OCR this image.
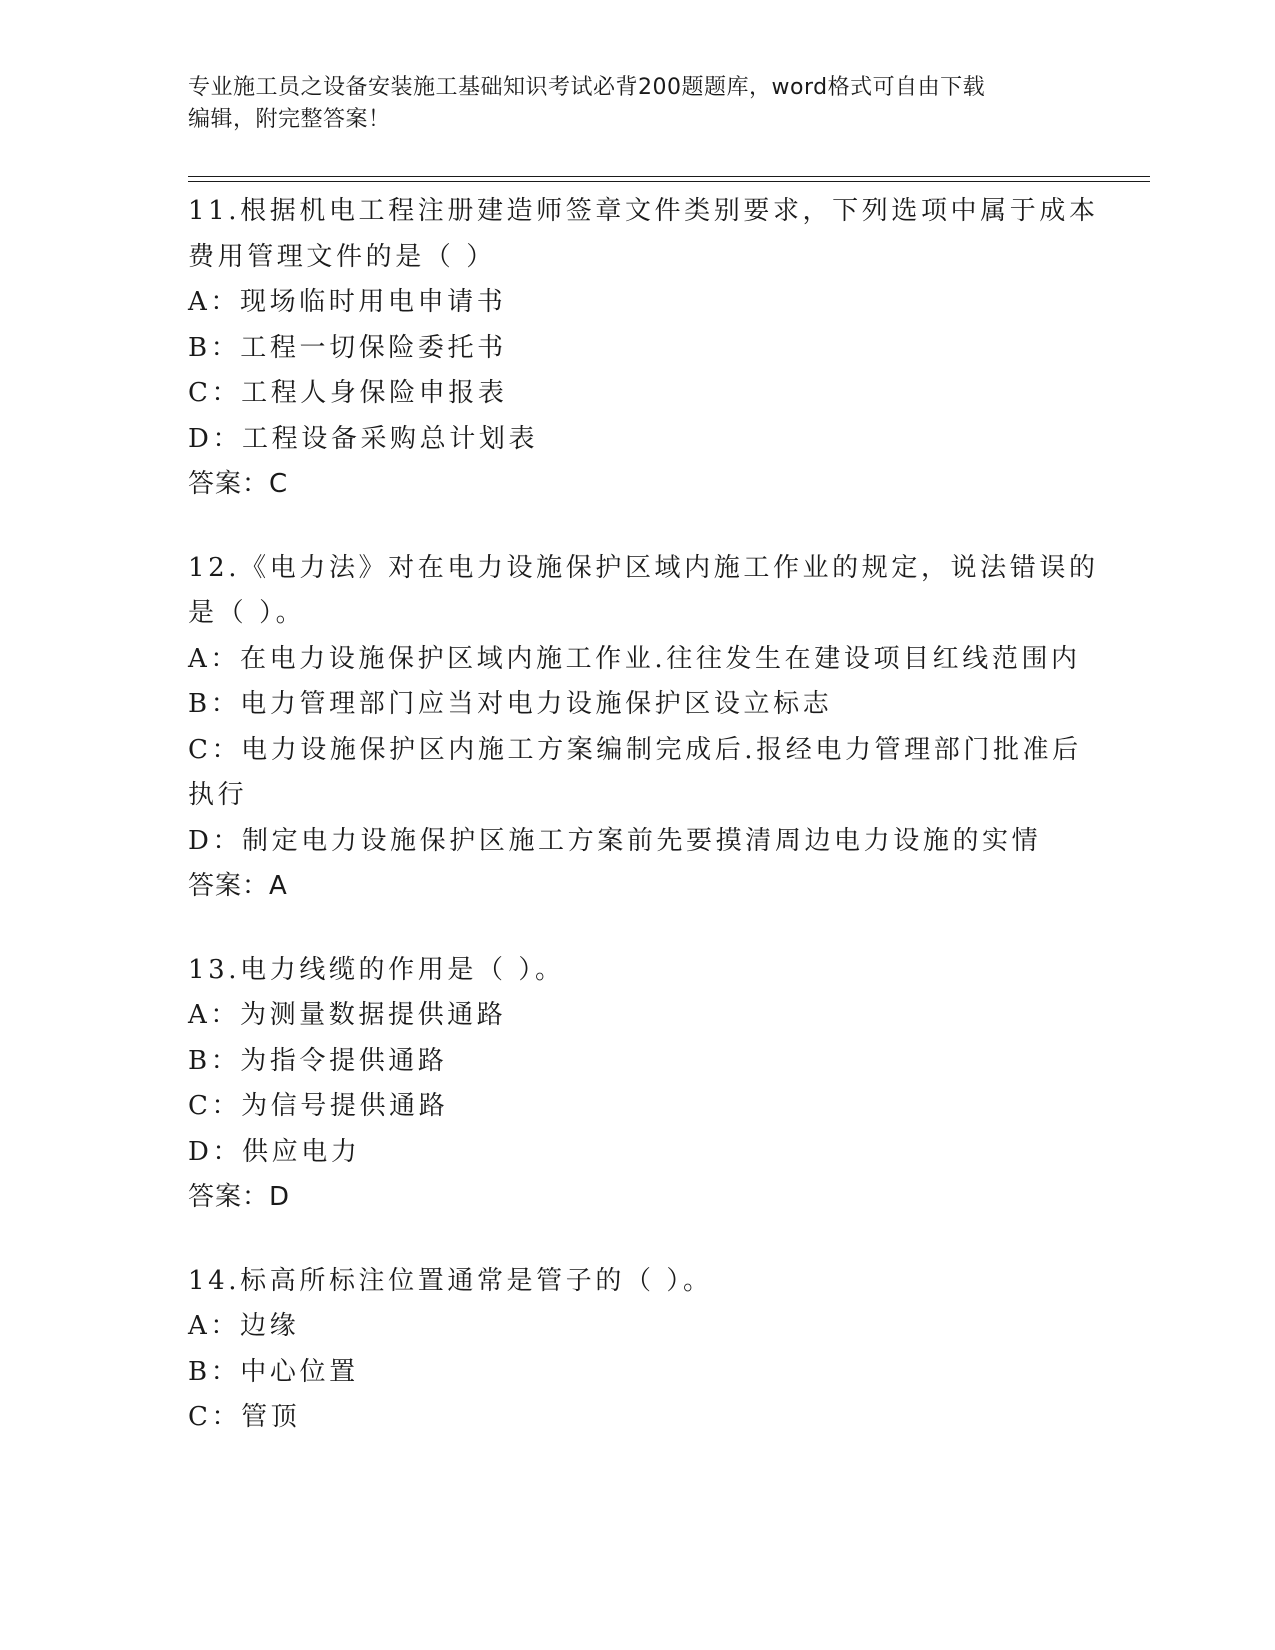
专业施工员之设备安装施工基础知识考试必背200题题库，word格式可自由下载
编辑，附完整答案！
11.根据机电工程注册建造师签章文件类别要求，下列选项中属于成本
费用管理文件的是（ ）
A：现场临时用电申请书
B：工程一切保险委托书
C：工程人身保险申报表
D：工程设备采购总计划表
答案：C
12.《电力法》对在电力设施保护区域内施工作业的规定，说法错误的
是（ ）。
A：在电力设施保护区域内施工作业.往往发生在建设项目红线范围内
B：电力管理部门应当对电力设施保护区设立标志
C：电力设施保护区内施工方案编制完成后.报经电力管理部门批准后
执行
D：制定电力设施保护区施工方案前先要摸清周边电力设施的实情
答案：A
13.电力线缆的作用是（ ）。
A：为测量数据提供通路
B：为指令提供通路
C：为信号提供通路
D：供应电力
答案：D
14.标高所标注位置通常是管子的（ ）。
A：边缘
B：中心位置
C：管顶
